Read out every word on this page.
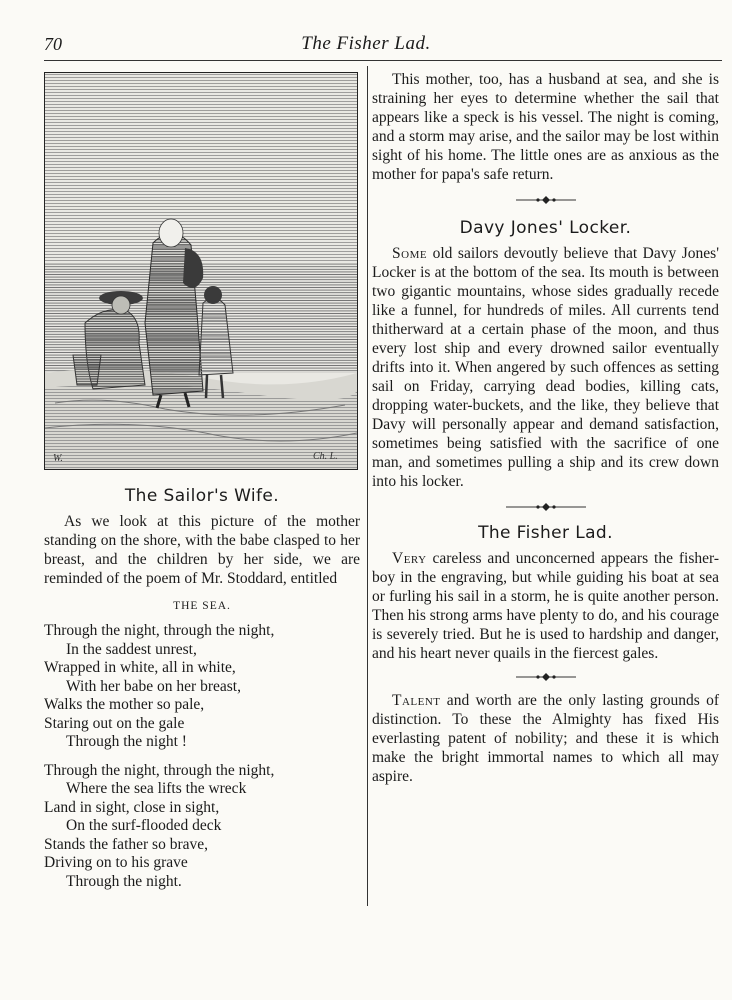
70	The Fisher Lad.
W.	Ch. L.
The Sailor's Wife.

As we look at this picture of the mother standing on the shore, with the babe clasped to her breast, and the children by her side, we are reminded of the poem of Mr. Stoddard, entitled

THE SEA.
Through the night, through the night,
In the saddest unrest,
Wrapped in white, all in white,
With her babe on her breast,
Walks the mother so pale,
Staring out on the gale
Through the night !
Through the night, through the night,
Where the sea lifts the wreck
Land in sight, close in sight,
On the surf-flooded deck
Stands the father so brave,
Driving on to his grave
Through the night.

This mother, too, has a husband at sea, and she is straining her eyes to determine whether the sail that appears like a speck is his vessel. The night is coming, and a storm may arise, and the sailor may be lost within sight of his home. The little ones are as anxious as the mother for papa's safe return.

Davy Jones' Locker.

Some old sailors devoutly believe that Davy Jones' Locker is at the bottom of the sea. Its mouth is between two gigantic mountains, whose sides gradually recede like a funnel, for hundreds of miles. All currents tend thitherward at a certain phase of the moon, and thus every lost ship and every drowned sailor eventually drifts into it. When angered by such offences as setting sail on Friday, carrying dead bodies, killing cats, dropping water-buckets, and the like, they believe that Davy will personally appear and demand satisfaction, sometimes being satisfied with the sacrifice of one man, and sometimes pulling a ship and its crew down into his locker.

The Fisher Lad.

Very careless and unconcerned appears the fisher-boy in the engraving, but while guiding his boat at sea or furling his sail in a storm, he is quite another person. Then his strong arms have plenty to do, and his courage is severely tried. But he is used to hardship and danger, and his heart never quails in the fiercest gales.

Talent and worth are the only lasting grounds of distinction. To these the Almighty has fixed His everlasting patent of nobility; and these it is which make the bright immortal names to which all may aspire.
